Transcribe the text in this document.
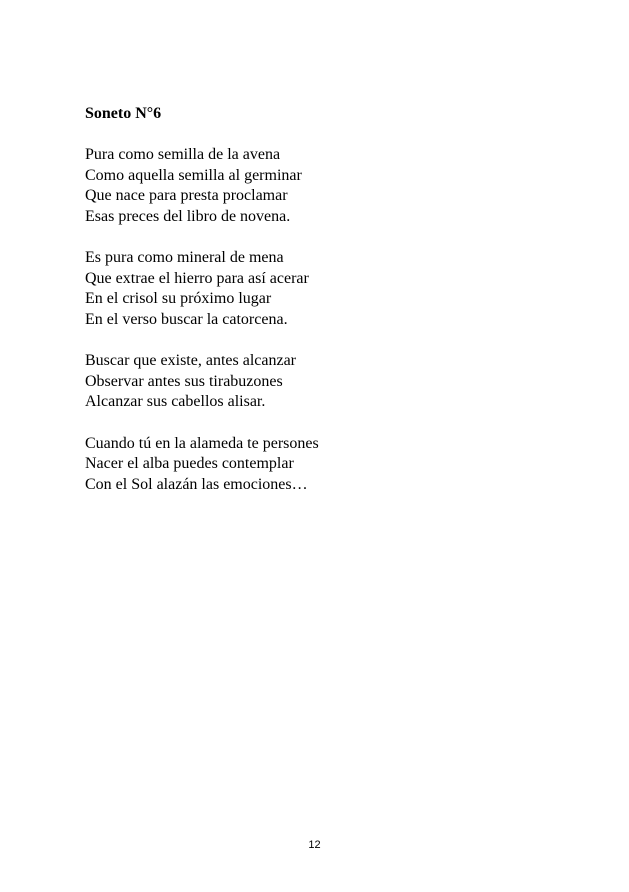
Soneto N°6
Pura como semilla de la avena
Como aquella semilla al germinar
Que nace para presta proclamar
Esas preces del libro de novena.
Es pura como mineral de mena
Que extrae el hierro para así acerar
En el crisol su próximo lugar
En el verso buscar la catorcena.
Buscar que existe, antes alcanzar
Observar antes sus tirabuzones
Alcanzar sus cabellos alisar.
Cuando tú en la alameda te persones
Nacer el alba puedes contemplar
Con el Sol alazán las emociones…
12
